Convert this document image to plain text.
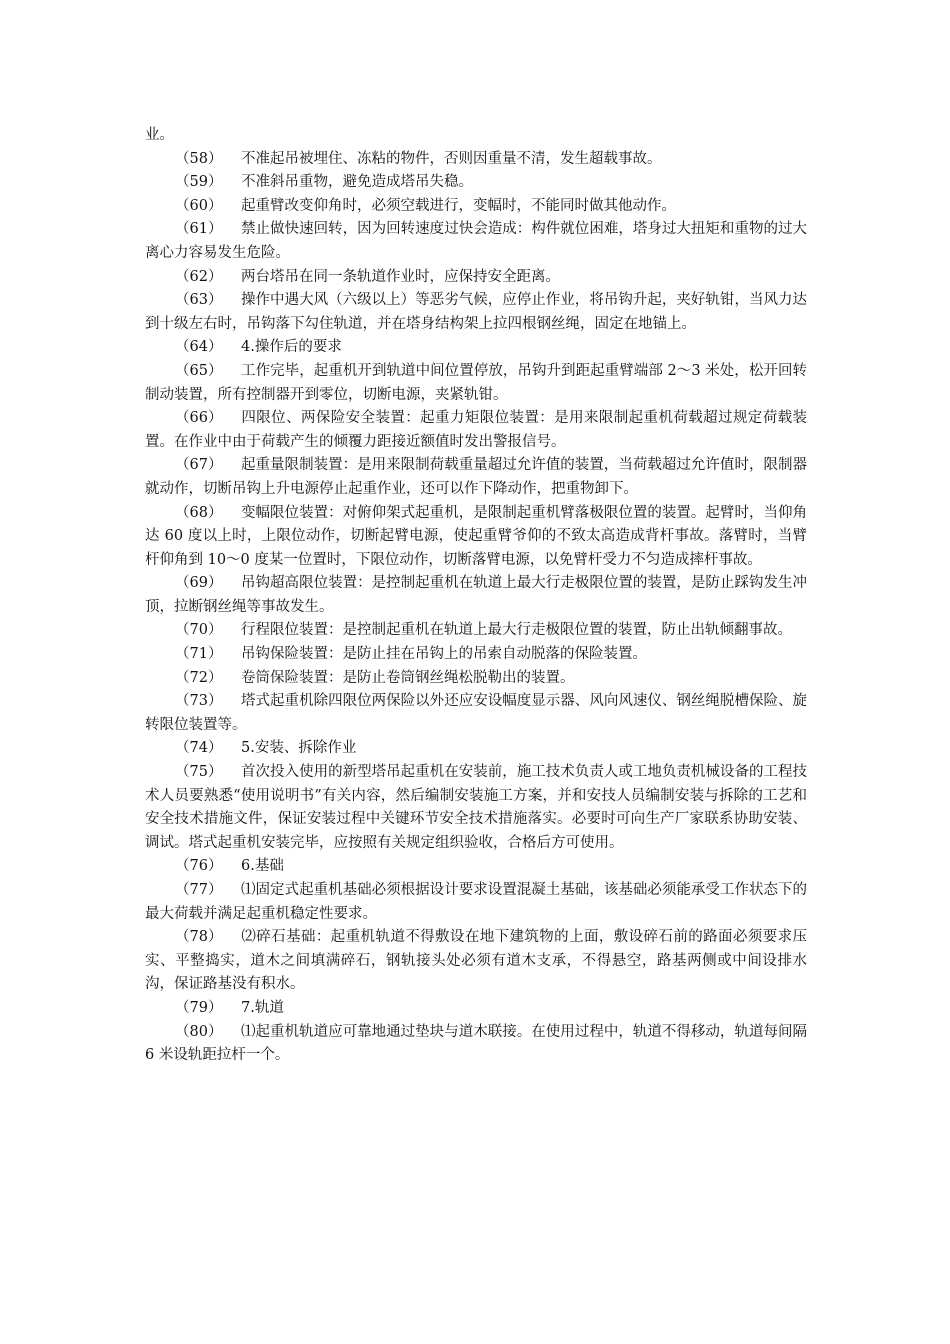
业。

（58） 不准起吊被埋住、冻粘的物件，否则因重量不清，发生超载事故。

（59） 不准斜吊重物，避免造成塔吊失稳。

（60） 起重臂改变仰角时，必须空载进行，变幅时，不能同时做其他动作。

（61） 禁止做快速回转，因为回转速度过快会造成：构件就位困难，塔身过大扭矩和重物的过大离心力容易发生危险。

（62） 两台塔吊在同一条轨道作业时，应保持安全距离。

（63） 操作中遇大风（六级以上）等恶劣气候，应停止作业，将吊钩升起，夹好轨钳，当风力达到十级左右时，吊钩落下勾住轨道，并在塔身结构架上拉四根钢丝绳，固定在地锚上。

（64） 4.操作后的要求

（65） 工作完毕，起重机开到轨道中间位置停放，吊钩升到距起重臂端部 2～3 米处，松开回转制动装置，所有控制器开到零位，切断电源，夹紧轨钳。

（66） 四限位、两保险安全装置：起重力矩限位装置：是用来限制起重机荷载超过规定荷载装置。在作业中由于荷载产生的倾覆力距接近额值时发出警报信号。

（67） 起重量限制装置：是用来限制荷载重量超过允许值的装置，当荷载超过允许值时，限制器就动作，切断吊钩上升电源停止起重作业，还可以作下降动作，把重物卸下。

（68） 变幅限位装置：对俯仰架式起重机，是限制起重机臂落极限位置的装置。起臂时，当仰角达 60 度以上时，上限位动作，切断起臂电源，使起重臂爷仰的不致太高造成背杆事故。落臂时，当臂杆仰角到 10～0 度某一位置时，下限位动作，切断落臂电源，以免臂杆受力不匀造成摔杆事故。

（69） 吊钩超高限位装置：是控制起重机在轨道上最大行走极限位置的装置，是防止踩钩发生冲顶，拉断钢丝绳等事故发生。

（70） 行程限位装置：是控制起重机在轨道上最大行走极限位置的装置，防止出轨倾翻事故。

（71） 吊钩保险装置：是防止挂在吊钩上的吊索自动脱落的保险装置。

（72） 卷筒保险装置：是防止卷筒钢丝绳松脱勒出的装置。

（73） 塔式起重机除四限位两保险以外还应安设幅度显示器、风向风速仪、钢丝绳脱槽保险、旋转限位装置等。

（74） 5.安装、拆除作业

（75） 首次投入使用的新型塔吊起重机在安装前，施工技术负责人或工地负责机械设备的工程技术人员要熟悉“使用说明书”有关内容，然后编制安装施工方案，并和安技人员编制安装与拆除的工艺和安全技术措施文件，保证安装过程中关键环节安全技术措施落实。必要时可向生产厂家联系协助安装、调试。塔式起重机安装完毕，应按照有关规定组织验收，合格后方可使用。

（76） 6.基础

（77） ⑴固定式起重机基础必须根据设计要求设置混凝土基础，该基础必须能承受工作状态下的最大荷载并满足起重机稳定性要求。

（78） ⑵碎石基础：起重机轨道不得敷设在地下建筑物的上面，敷设碎石前的路面必须要求压实、平整捣实，道木之间填满碎石，钢轨接头处必须有道木支承，不得悬空，路基两侧或中间设排水沟，保证路基没有积水。

（79） 7.轨道

（80） ⑴起重机轨道应可靠地通过垫块与道木联接。在使用过程中，轨道不得移动，轨道每间隔 6 米设轨距拉杆一个。
